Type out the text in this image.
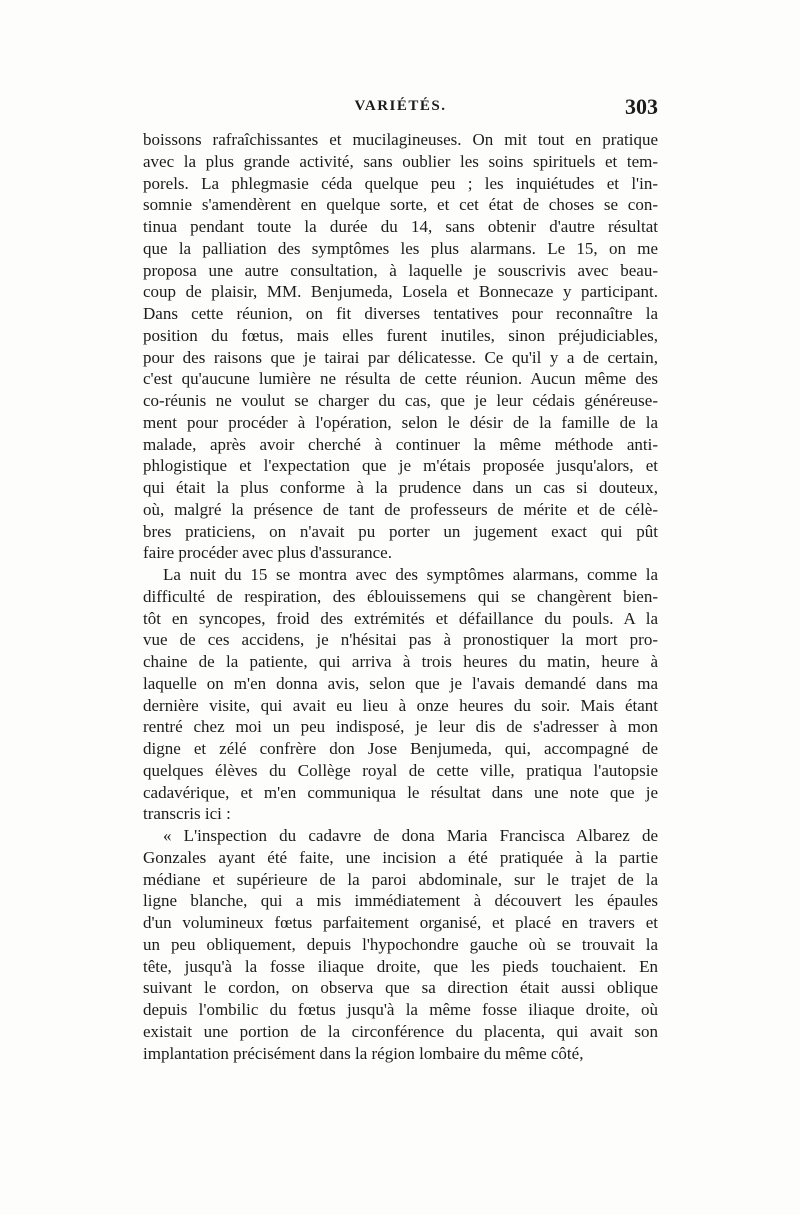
VARIÉTÉS.	303
boissons rafraîchissantes et mucilagineuses. On mit tout en pratique
avec la plus grande activité, sans oublier les soins spirituels et tem-
porels. La phlegmasie céda quelque peu ; les inquiétudes et l'in-
somnie s'amendèrent en quelque sorte, et cet état de choses se con-
tinua pendant toute la durée du 14, sans obtenir d'autre résultat
que la palliation des symptômes les plus alarmans. Le 15, on me
proposa une autre consultation, à laquelle je souscrivis avec beau-
coup de plaisir, MM. Benjumeda, Losela et Bonnecaze y participant.
Dans cette réunion, on fit diverses tentatives pour reconnaître la
position du fœtus, mais elles furent inutiles, sinon préjudiciables,
pour des raisons que je tairai par délicatesse. Ce qu'il y a de certain,
c'est qu'aucune lumière ne résulta de cette réunion. Aucun même des
co-réunis ne voulut se charger du cas, que je leur cédais généreuse-
ment pour procéder à l'opération, selon le désir de la famille de la
malade, après avoir cherché à continuer la même méthode anti-
phlogistique et l'expectation que je m'étais proposée jusqu'alors, et
qui était la plus conforme à la prudence dans un cas si douteux,
où, malgré la présence de tant de professeurs de mérite et de célè-
bres praticiens, on n'avait pu porter un jugement exact qui pût
faire procéder avec plus d'assurance.
La nuit du 15 se montra avec des symptômes alarmans, comme la
difficulté de respiration, des éblouissemens qui se changèrent bien-
tôt en syncopes, froid des extrémités et défaillance du pouls. A la
vue de ces accidens, je n'hésitai pas à pronostiquer la mort pro-
chaine de la patiente, qui arriva à trois heures du matin, heure à
laquelle on m'en donna avis, selon que je l'avais demandé dans ma
dernière visite, qui avait eu lieu à onze heures du soir. Mais étant
rentré chez moi un peu indisposé, je leur dis de s'adresser à mon
digne et zélé confrère don Jose Benjumeda, qui, accompagné de
quelques élèves du Collège royal de cette ville, pratiqua l'autopsie
cadavérique, et m'en communiqua le résultat dans une note que je
transcris ici :
« L'inspection du cadavre de dona Maria Francisca Albarez de
Gonzales ayant été faite, une incision a été pratiquée à la partie
médiane et supérieure de la paroi abdominale, sur le trajet de la
ligne blanche, qui a mis immédiatement à découvert les épaules
d'un volumineux fœtus parfaitement organisé, et placé en travers et
un peu obliquement, depuis l'hypochondre gauche où se trouvait la
tête, jusqu'à la fosse iliaque droite, que les pieds touchaient. En
suivant le cordon, on observa que sa direction était aussi oblique
depuis l'ombilic du fœtus jusqu'à la même fosse iliaque droite, où
existait une portion de la circonférence du placenta, qui avait son
implantation précisément dans la région lombaire du même côté,
